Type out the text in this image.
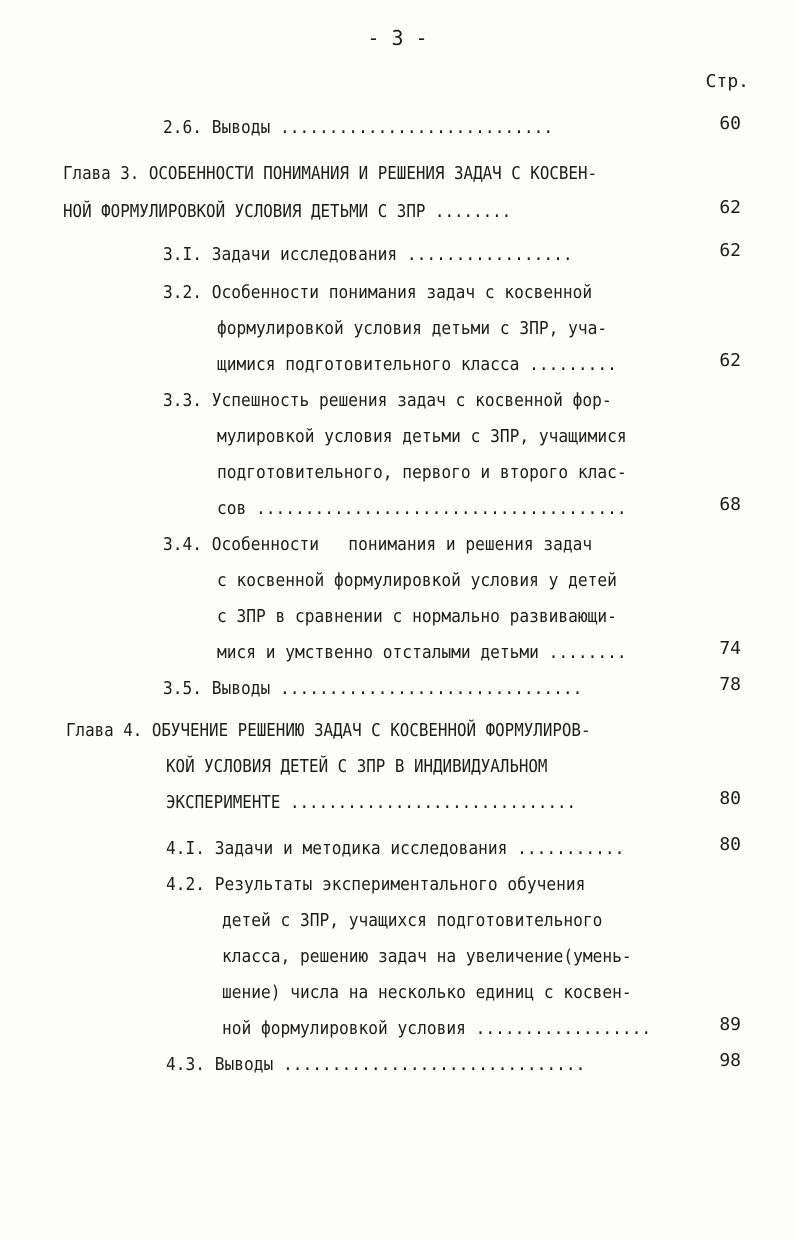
- 3 -
Стр.
2.6. Выводы ............................	60
Глава 3. ОСОБЕННОСТИ ПОНИМАНИЯ И РЕШЕНИЯ ЗАДАЧ С КОСВЕН-
НОЙ ФОРМУЛИРОВКОЙ УСЛОВИЯ ДЕТЬМИ С ЗПР ........	62
3.I. Задачи исследования .................	62
3.2. Особенности понимания задач с косвенной
формулировкой условия детьми с ЗПР, уча-
щимися подготовительного класса .........	62
3.3. Успешность решения задач с косвенной фор-
мулировкой условия детьми с ЗПР, учащимися
подготовительного, первого и второго клас-
сов ......................................	68
3.4. Особенности   понимания и решения задач
с косвенной формулировкой условия у детей
с ЗПР в сравнении с нормально развивающи-
мися и умственно отсталыми детьми ........	74
3.5. Выводы ...............................	78
Глава 4. ОБУЧЕНИЕ РЕШЕНИЮ ЗАДАЧ С КОСВЕННОЙ ФОРМУЛИРОВ-
КОЙ УСЛОВИЯ ДЕТЕЙ С ЗПР В ИНДИВИДУАЛЬНОМ
ЭКСПЕРИМЕНТЕ ..............................	80
4.I. Задачи и методика исследования ...........	80
4.2. Результаты экспериментального обучения
детей с ЗПР, учащихся подготовительного
класса, решению задач на увеличение(умень-
шение) числа на несколько единиц с косвен-
ной формулировкой условия ..................	89
4.3. Выводы ...............................	98
